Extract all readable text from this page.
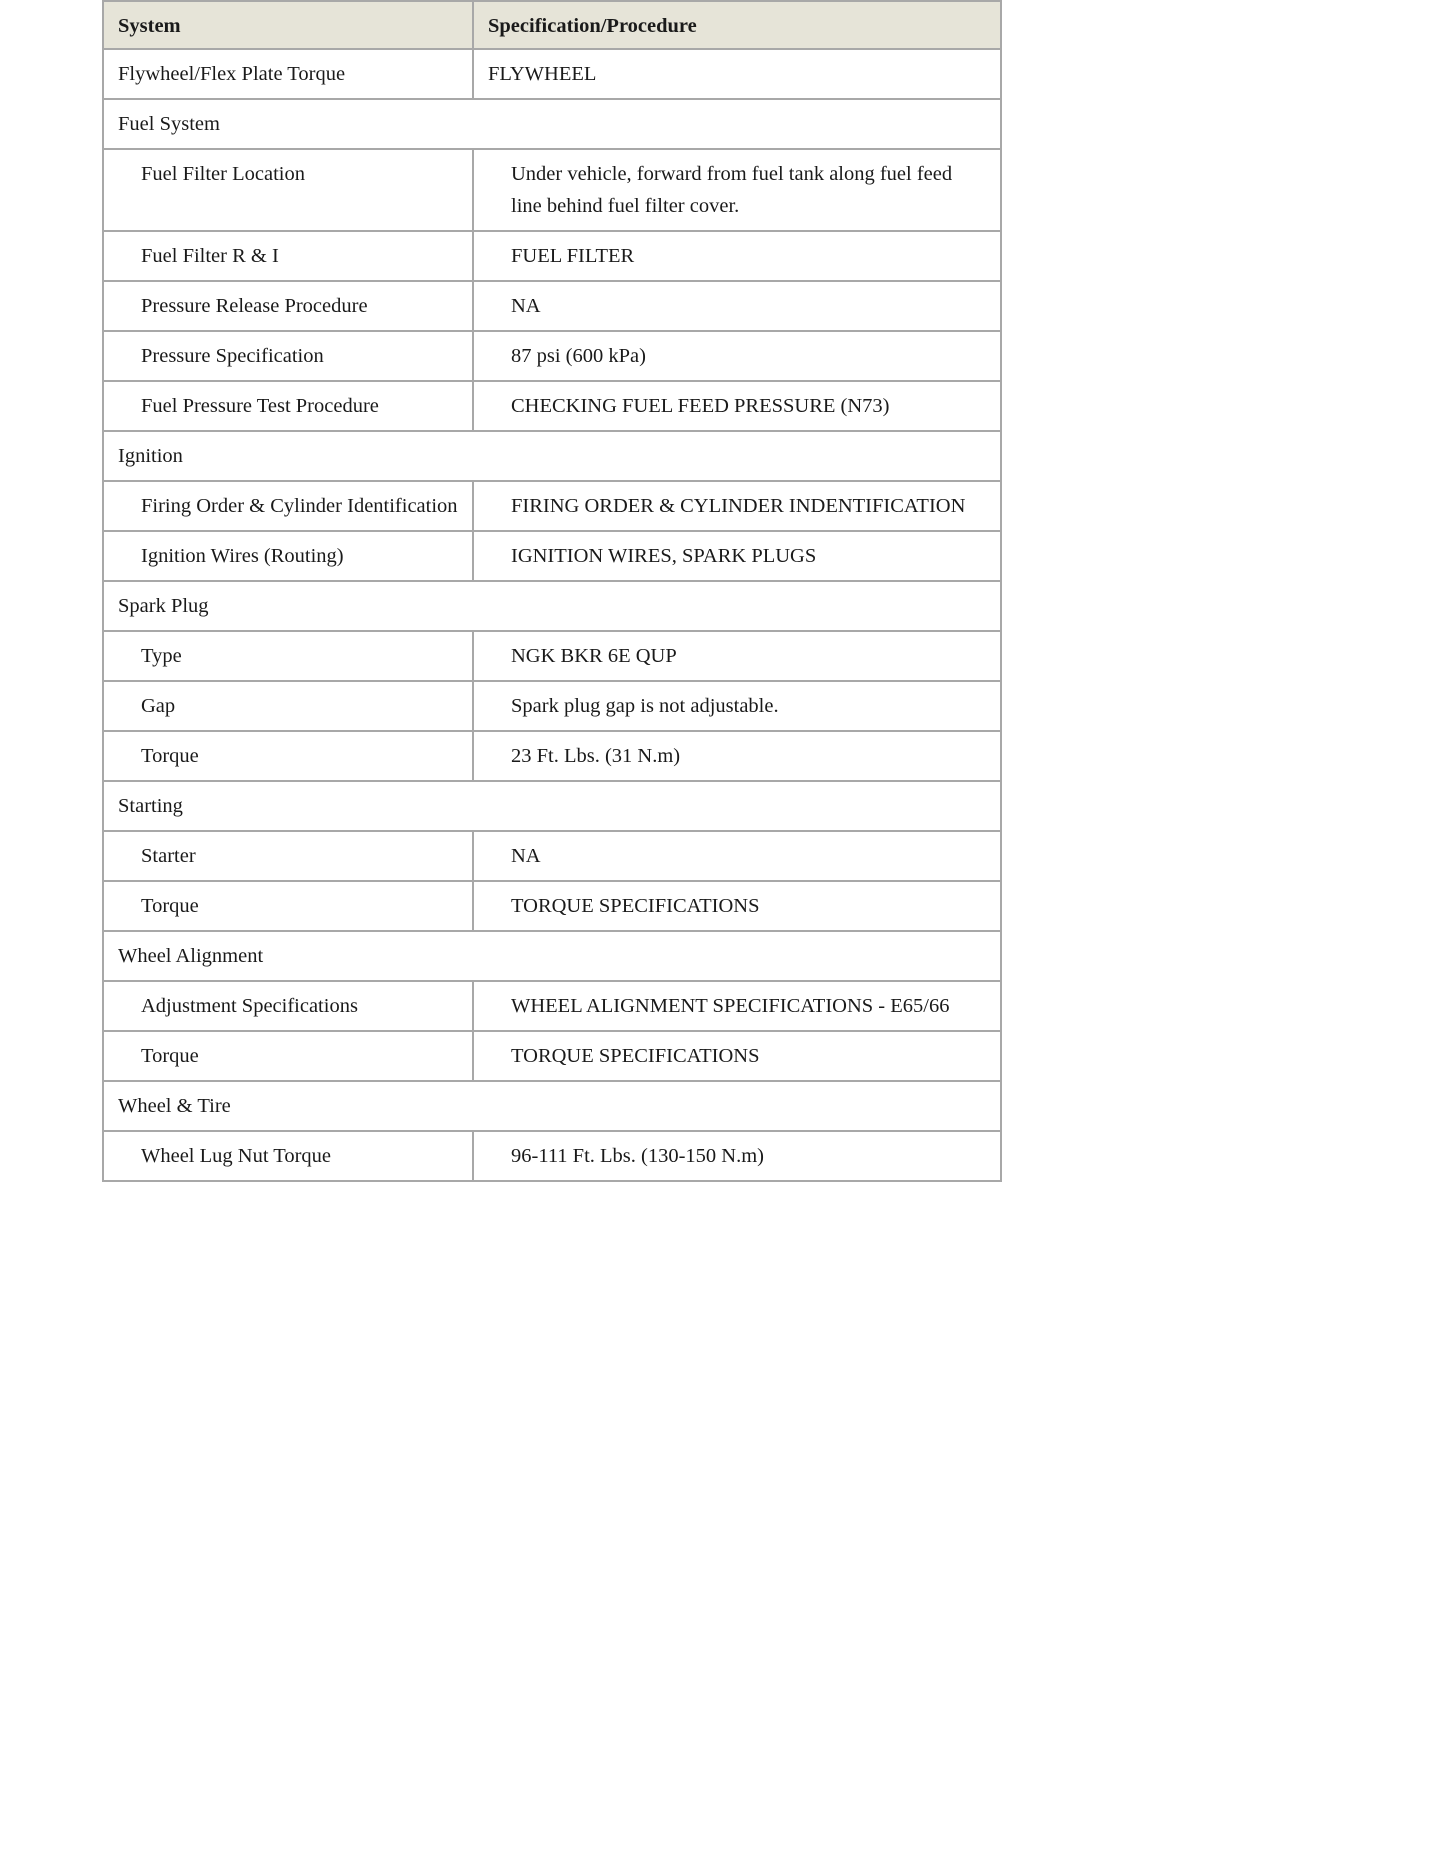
System	Specification/Procedure
Flywheel/Flex Plate Torque	FLYWHEEL
Fuel System	
Fuel Filter Location	Under vehicle, forward from fuel tank along fuel feed line behind fuel filter cover.
Fuel Filter R & I	FUEL FILTER
Pressure Release Procedure	NA
Pressure Specification	87 psi (600 kPa)
Fuel Pressure Test Procedure	CHECKING FUEL FEED PRESSURE (N73)
Ignition	
Firing Order & Cylinder Identification	FIRING ORDER & CYLINDER INDENTIFICATION
Ignition Wires (Routing)	IGNITION WIRES, SPARK PLUGS
Spark Plug	
Type	NGK BKR 6E QUP
Gap	Spark plug gap is not adjustable.
Torque	23 Ft. Lbs. (31 N.m)
Starting	
Starter	NA
Torque	TORQUE SPECIFICATIONS
Wheel Alignment	
Adjustment Specifications	WHEEL ALIGNMENT SPECIFICATIONS - E65/66
Torque	TORQUE SPECIFICATIONS
Wheel & Tire	
Wheel Lug Nut Torque	96-111 Ft. Lbs. (130-150 N.m)
